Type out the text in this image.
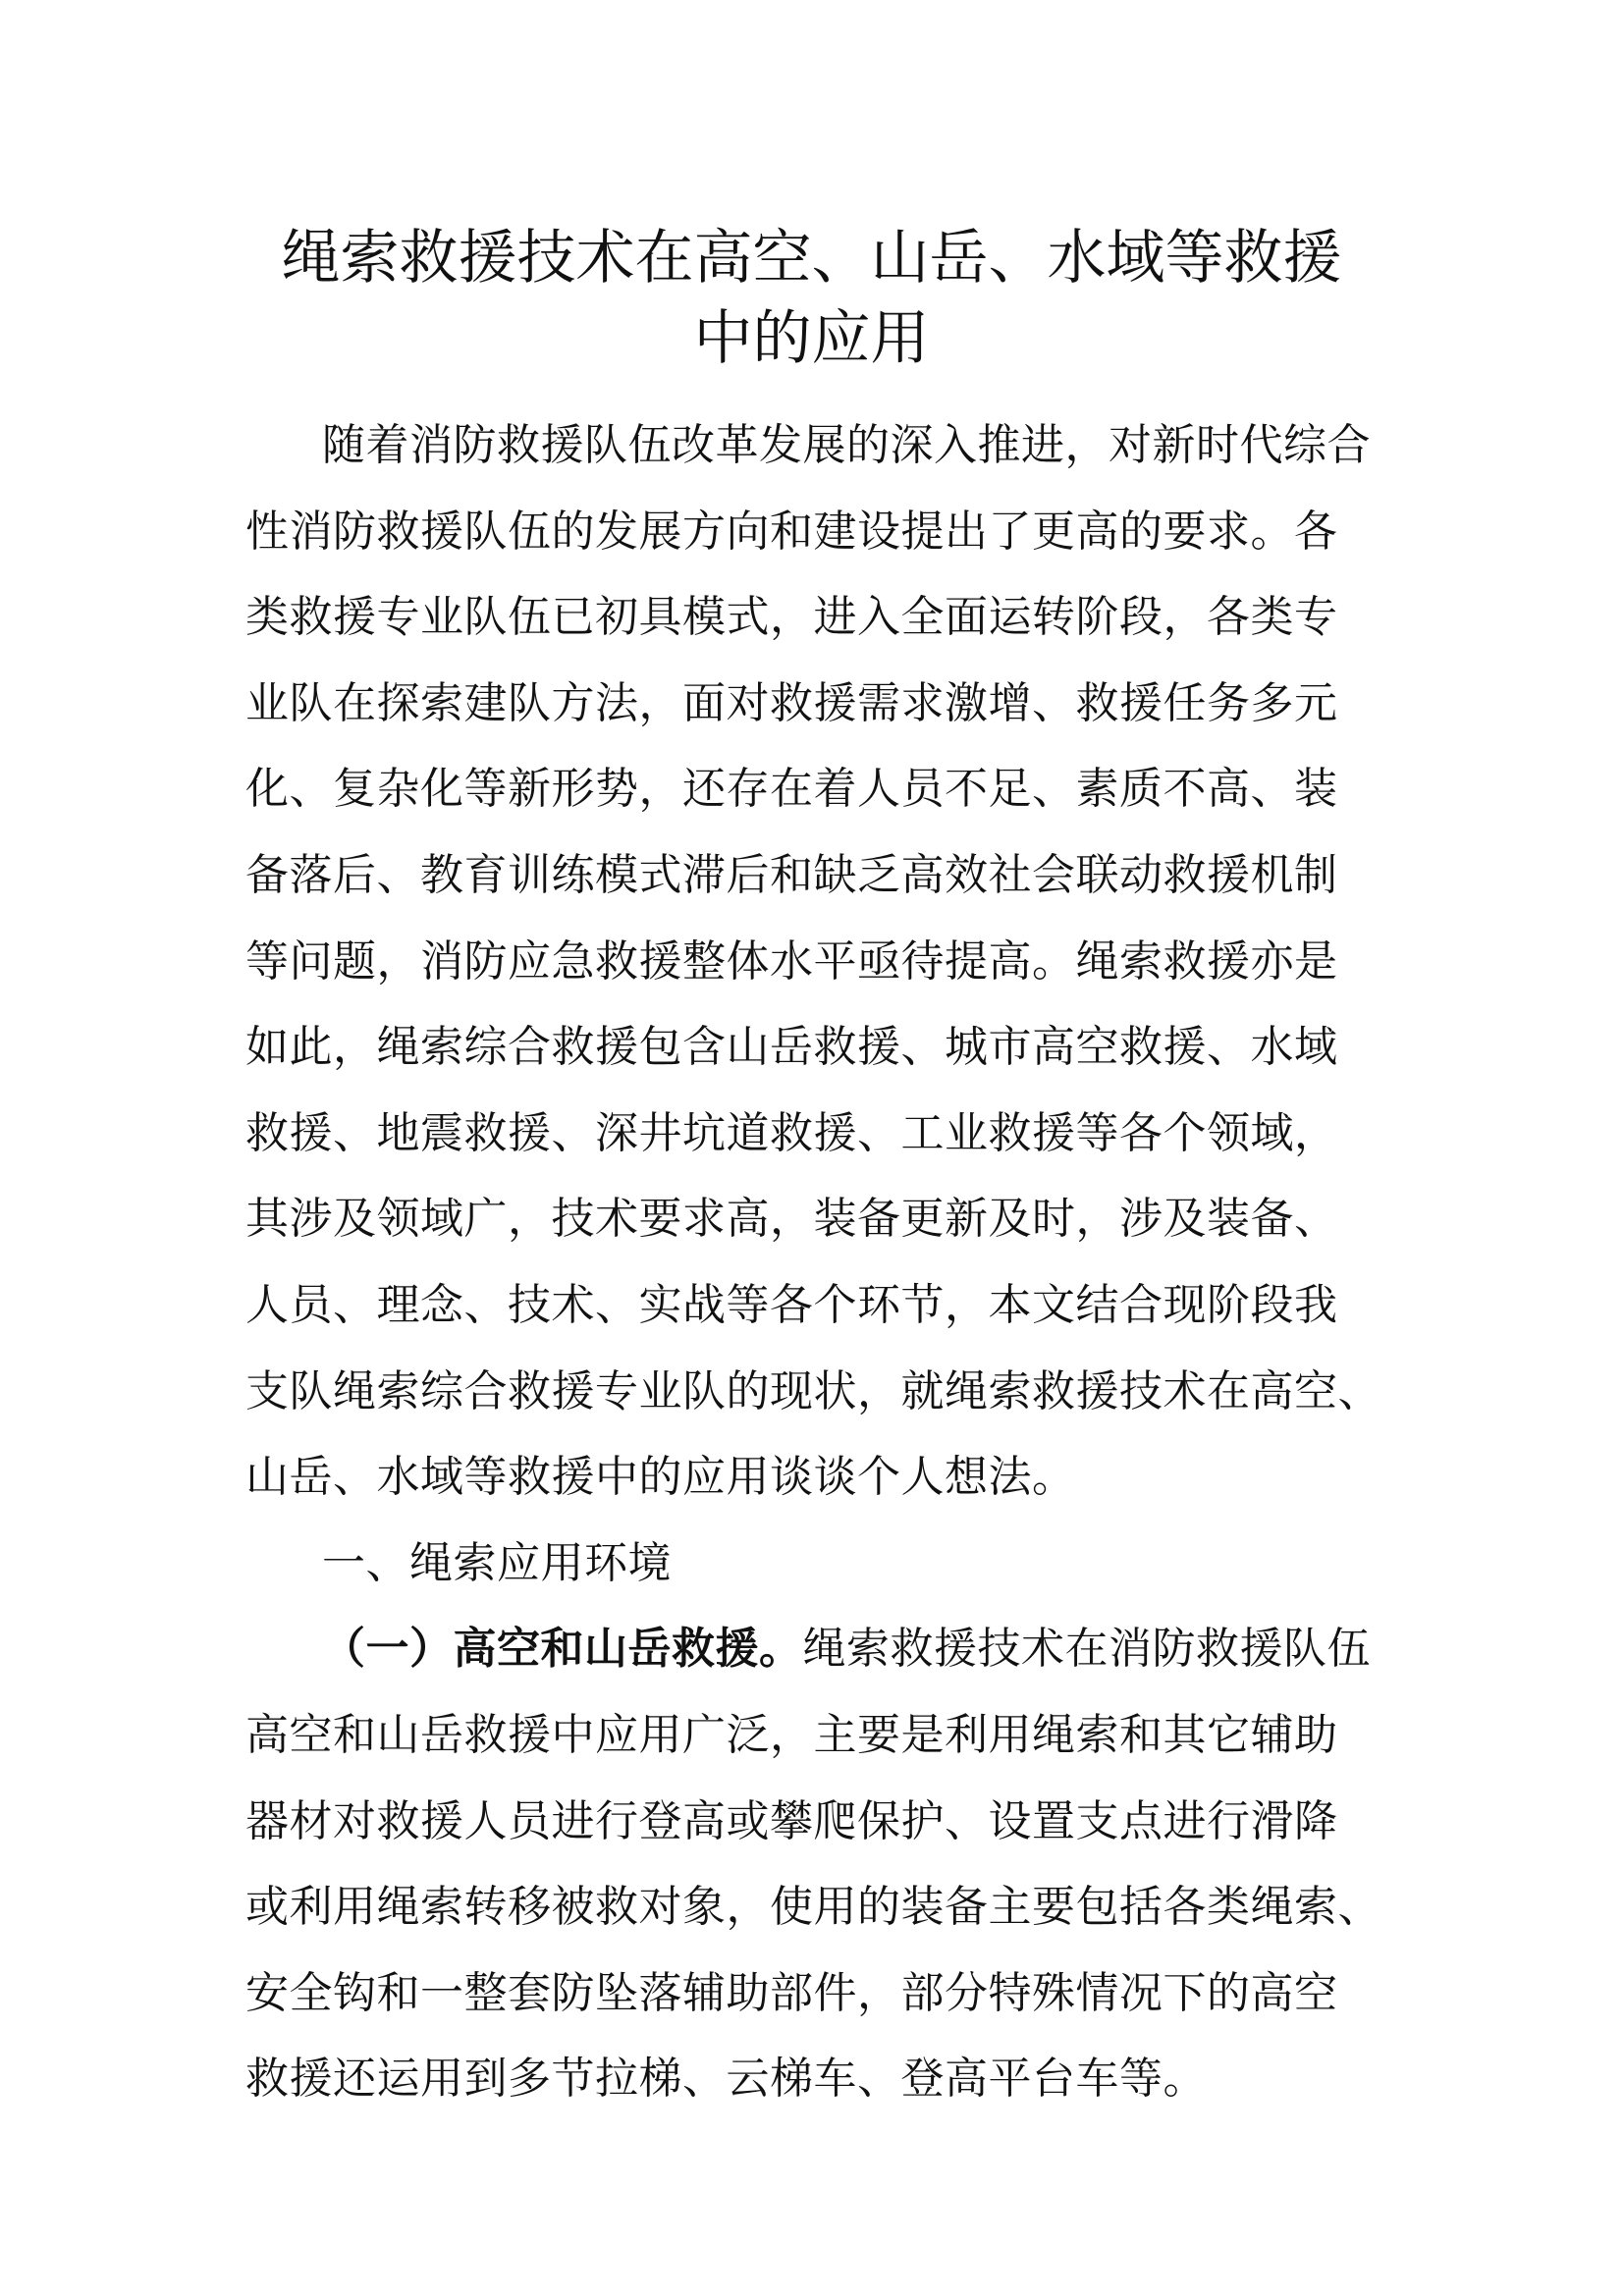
绳索救援技术在高空、山岳、水域等救援
中的应用
随着消防救援队伍改革发展的深入推进，对新时代综合
性消防救援队伍的发展方向和建设提出了更高的要求。各
类救援专业队伍已初具模式，进入全面运转阶段，各类专
业队在探索建队方法，面对救援需求激增、救援任务多元
化、复杂化等新形势，还存在着人员不足、素质不高、装
备落后、教育训练模式滞后和缺乏高效社会联动救援机制
等问题，消防应急救援整体水平亟待提高。绳索救援亦是
如此，绳索综合救援包含山岳救援、城市高空救援、水域
救援、地震救援、深井坑道救援、工业救援等各个领域，
其涉及领域广，技术要求高，装备更新及时，涉及装备、
人员、理念、技术、实战等各个环节，本文结合现阶段我
支队绳索综合救援专业队的现状，就绳索救援技术在高空、
山岳、水域等救援中的应用谈谈个人想法。
一、绳索应用环境
（一）高空和山岳救援。绳索救援技术在消防救援队伍
高空和山岳救援中应用广泛，主要是利用绳索和其它辅助
器材对救援人员进行登高或攀爬保护、设置支点进行滑降
或利用绳索转移被救对象，使用的装备主要包括各类绳索、
安全钩和一整套防坠落辅助部件，部分特殊情况下的高空
救援还运用到多节拉梯、云梯车、登高平台车等。
